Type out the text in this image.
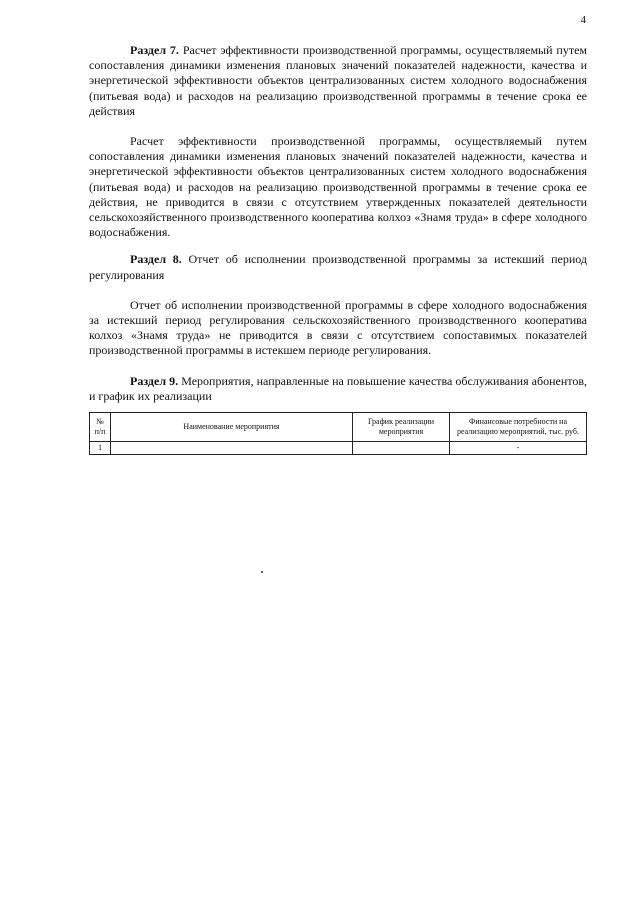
4

Раздел 7. Расчет эффективности производственной программы, осуществляемый путем сопоставления динамики изменения плановых значений показателей надежности, качества и энергетической эффективности объектов централизованных систем холодного водоснабжения (питьевая вода) и расходов на реализацию производственной программы в течение срока ее действия

Расчет эффективности производственной программы, осуществляемый путем сопоставления динамики изменения плановых значений показателей надежности, качества и энергетической эффективности объектов централизованных систем холодного водоснабжения (питьевая вода) и расходов на реализацию производственной программы в течение срока ее действия, не приводится в связи с отсутствием утвержденных показателей деятельности сельскохозяйственного производственного кооператива колхоз «Знамя труда» в сфере холодного водоснабжения.

Раздел 8. Отчет об исполнении производственной программы за истекший период регулирования

Отчет об исполнении производственной программы в сфере холодного водоснабжения за истекший период регулирования сельскохозяйственного производственного кооператива колхоз «Знамя труда» не приводится в связи с отсутствием сопоставимых показателей производственной программы в истекшем периоде регулирования.

Раздел 9. Мероприятия, направленные на повышение качества обслуживания абонентов, и график их реализации

№ п/п	Наименование мероприятия	График реализации мероприятия	Финансовые потребности на реализацию мероприятий, тыс. руб.
1			-
